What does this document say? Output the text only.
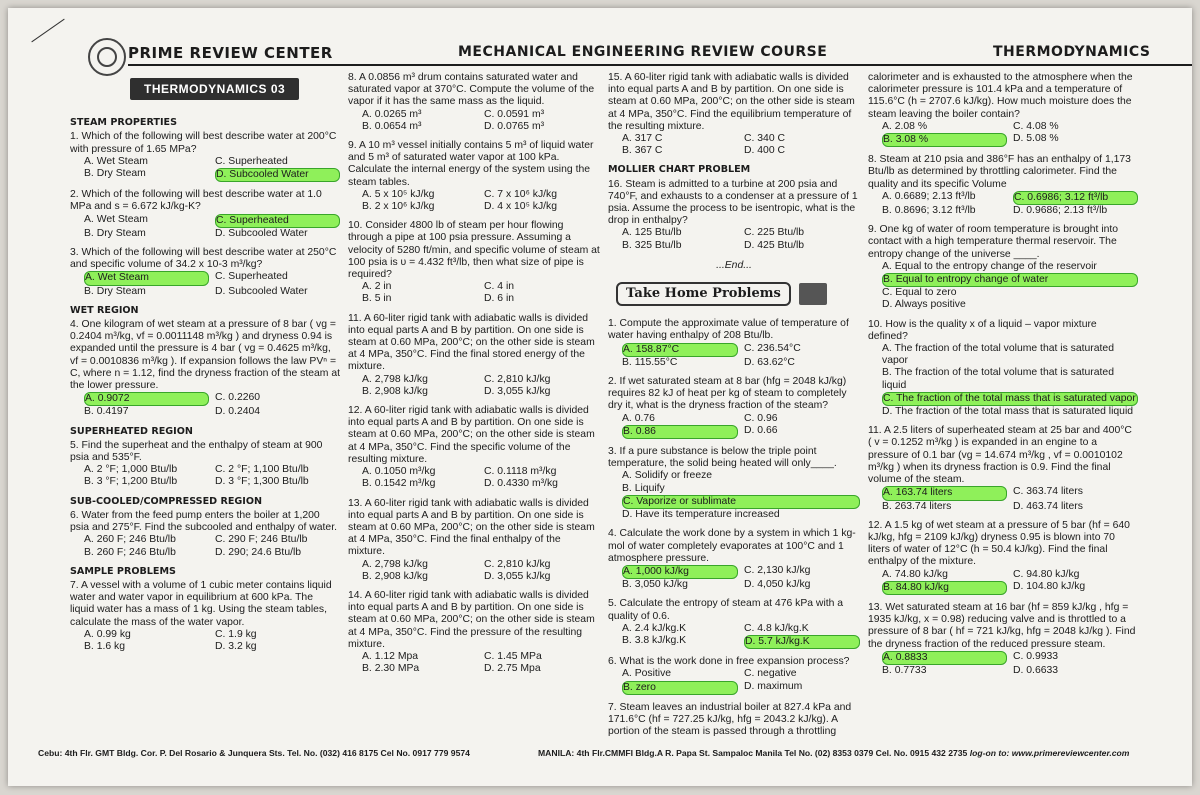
PRIME REVIEW CENTER	MECHANICAL ENGINEERING REVIEW COURSE	THERMODYNAMICS
THERMODYNAMICS 03
STEAM PROPERTIES
1. Which of the following will best describe water at 200°C with pressure of 1.65 MPa?
A. Wet Steam	C. Superheated
B. Dry Steam	D. Subcooled Water
2. Which of the following will best describe water at 1.0 MPa and s = 6.672 kJ/kg-K?
A. Wet Steam	C. Superheated
B. Dry Steam	D. Subcooled Water
3. Which of the following will best describe water at 250°C and specific volume of 34.2 x 10-3 m³/kg?
A. Wet Steam	C. Superheated
B. Dry Steam	D. Subcooled Water
WET REGION
4. One kilogram of wet steam at a pressure of 8 bar ( vg = 0.2404 m³/kg, vf = 0.0011148 m³/kg ) and dryness 0.94 is expanded until the pressure is 4 bar ( vg = 0.4625 m³/kg, vf = 0.0010836 m³/kg ). If expansion follows the law PVⁿ = C, where n = 1.12, find the dryness fraction of the steam at the lower pressure.
A. 0.9072	C. 0.2260
B. 0.4197	D. 0.2404
SUPERHEATED REGION
5. Find the superheat and the enthalpy of steam at 900 psia and 535°F.
A. 2 °F; 1,000 Btu/lb	C. 2 °F; 1,100 Btu/lb
B. 3 °F; 1,200 Btu/lb	D. 3 °F; 1,300 Btu/lb
SUB-COOLED/COMPRESSED REGION
6. Water from the feed pump enters the boiler at 1,200 psia and 275°F. Find the subcooled and enthalpy of water.
A. 260 F; 246 Btu/lb	C. 290 F; 246 Btu/lb
B. 260 F; 246 Btu/lb	D. 290; 24.6 Btu/lb
SAMPLE PROBLEMS
7. A vessel with a volume of 1 cubic meter contains liquid water and water vapor in equilibrium at 600 kPa. The liquid water has a mass of 1 kg. Using the steam tables, calculate the mass of the water vapor.
A. 0.99 kg	C. 1.9 kg
B. 1.6 kg	D. 3.2 kg
8. A 0.0856 m³ drum contains saturated water and saturated vapor at 370°C. Compute the volume of the vapor if it has the same mass as the liquid.
A. 0.0265 m³	C. 0.0591 m³
B. 0.0654 m³	D. 0.0765 m³
9. A 10 m³ vessel initially contains 5 m³ of liquid water and 5 m³ of saturated water vapor at 100 kPa. Calculate the internal energy of the system using the steam tables.
A. 5 x 10⁵ kJ/kg	C. 7 x 10⁶ kJ/kg
B. 2 x 10⁶ kJ/kg	D. 4 x 10⁵ kJ/kg
10. Consider 4800 lb of steam per hour flowing through a pipe at 100 psia pressure. Assuming a velocity of 5280 ft/min, and specific volume of steam at 100 psia is υ = 4.432 ft³/lb, then what size of pipe is required?
A. 2 in	C. 4 in
B. 5 in	D. 6 in
11. A 60-liter rigid tank with adiabatic walls is divided into equal parts A and B by partition. On one side is steam at 0.60 MPa, 200°C; on the other side is steam at 4 MPa, 350°C. Find the final stored energy of the mixture.
A. 2,798 kJ/kg	C. 2,810 kJ/kg
B. 2,908 kJ/kg	D. 3,055 kJ/kg
12. A 60-liter rigid tank with adiabatic walls is divided into equal parts A and B by partition. On one side is steam at 0.60 MPa, 200°C; on the other side is steam at 4 MPa, 350°C. Find the specific volume of the resulting mixture.
A. 0.1050 m³/kg	C. 0.1118 m³/kg
B. 0.1542 m³/kg	D. 0.4330 m³/kg
13. A 60-liter rigid tank with adiabatic walls is divided into equal parts A and B by partition. On one side is steam at 0.60 MPa, 200°C; on the other side is steam at 4 MPa, 350°C. Find the final enthalpy of the mixture.
A. 2,798 kJ/kg	C. 2,810 kJ/kg
B. 2,908 kJ/kg	D. 3,055 kJ/kg
14. A 60-liter rigid tank with adiabatic walls is divided into equal parts A and B by partition. On one side is steam at 0.60 MPa, 200°C; on the other side is steam at 4 MPa, 350°C. Find the pressure of the resulting mixture.
A. 1.12 Mpa	C. 1.45 MPa
B. 2.30 MPa	D. 2.75 Mpa
15. A 60-liter rigid tank with adiabatic walls is divided into equal parts A and B by partition. On one side is steam at 0.60 MPa, 200°C; on the other side is steam at 4 MPa, 350°C. Find the equilibrium temperature of the resulting mixture.
A. 317 C	C. 340 C
B. 367 C	D. 400 C
MOLLIER CHART PROBLEM
16. Steam is admitted to a turbine at 200 psia and 740°F, and exhausts to a condenser at a pressure of 1 psia. Assume the process to be isentropic, what is the drop in enthalpy?
A. 125 Btu/lb	C. 225 Btu/lb
B. 325 Btu/lb	D. 425 Btu/lb
...End...
Take Home Problems
1. Compute the approximate value of temperature of water having enthalpy of 208 Btu/lb.
A. 158.87°C	C. 236.54°C
B. 115.55°C	D. 63.62°C
2. If wet saturated steam at 8 bar (hfg = 2048 kJ/kg) requires 82 kJ of heat per kg of steam to completely dry it, what is the dryness fraction of the steam?
A. 0.76	C. 0.96
B. 0.86	D. 0.66
3. If a pure substance is below the triple point temperature, the solid being heated will only____.
A. Solidify or freeze
B. Liquify
C. Vaporize or sublimate
D. Have its temperature increased
4. Calculate the work done by a system in which 1 kg-mol of water completely evaporates at 100°C and 1 atmosphere pressure.
A. 1,000 kJ/kg	C. 2,130 kJ/kg
B. 3,050 kJ/kg	D. 4,050 kJ/kg
5. Calculate the entropy of steam at 476 kPa with a quality of 0.6.
A. 2.4 kJ/kg.K	C. 4.8 kJ/kg.K
B. 3.8 kJ/kg.K	D. 5.7 kJ/kg.K
6. What is the work done in free expansion process?
A. Positive	C. negative
B. zero	D. maximum
7. Steam leaves an industrial boiler at 827.4 kPa and 171.6°C (hf = 727.25 kJ/kg, hfg = 2043.2 kJ/kg). A portion of the steam is passed through a throttling
calorimeter and is exhausted to the atmosphere when the calorimeter pressure is 101.4 kPa and a temperature of 115.6°C (h = 2707.6 kJ/kg). How much moisture does the steam leaving the boiler contain?
A. 2.08 %	C. 4.08 %
B. 3.08 %	D. 5.08 %
8. Steam at 210 psia and 386°F has an enthalpy of 1,173 Btu/lb as determined by throttling calorimeter. Find the quality and its specific Volume
A. 0.6689; 2.13 ft³/lb	C. 0.6986; 3.12 ft³/lb
B. 0.8696; 3.12 ft³/lb	D. 0.9686; 2.13 ft³/lb
9. One kg of water of room temperature is brought into contact with a high temperature thermal reservoir. The entropy change of the universe ____.
A. Equal to the entropy change of the reservoir
B. Equal to entropy change of water
C. Equal to zero
D. Always positive
10. How is the quality x of a liquid – vapor mixture defined?
A. The fraction of the total volume that is saturated vapor
B. The fraction of the total volume that is saturated liquid
C. The fraction of the total mass that is saturated vapor
D. The fraction of the total mass that is saturated liquid
11. A 2.5 liters of superheated steam at 25 bar and 400°C ( v = 0.1252 m³/kg ) is expanded in an engine to a pressure of 0.1 bar (vg = 14.674 m³/kg , vf = 0.0010102 m³/kg ) when its dryness fraction is 0.9. Find the final volume of the steam.
A. 163.74 liters	C. 363.74 liters
B. 263.74 liters	D. 463.74 liters
12. A 1.5 kg of wet steam at a pressure of 5 bar (hf = 640 kJ/kg, hfg = 2109 kJ/kg) dryness 0.95 is blown into 70 liters of water of 12°C (h = 50.4 kJ/kg). Find the final enthalpy of the mixture.
A. 74.80 kJ/kg	C. 94.80 kJ/kg
B. 84.80 kJ/kg	D. 104.80 kJ/kg
13. Wet saturated steam at 16 bar (hf = 859 kJ/kg , hfg = 1935 kJ/kg, x = 0.98) reducing valve and is throttled to a pressure of 8 bar ( hf = 721 kJ/kg, hfg = 2048 kJ/kg ). Find the dryness fraction of the reduced pressure steam.
A. 0.8833	C. 0.9933
B. 0.7733	D. 0.6633
Cebu: 4th Flr. GMT Bldg. Cor. P. Del Rosario & Junquera Sts. Tel. No. (032) 416 8175 Cel No. 0917 779 9574	MANILA: 4th Flr.CMMFI Bldg.A R. Papa St. Sampaloc Manila Tel No. (02) 8353 0379 Cel. No. 0915 432 2735 log-on to: www.primereviewcenter.com
